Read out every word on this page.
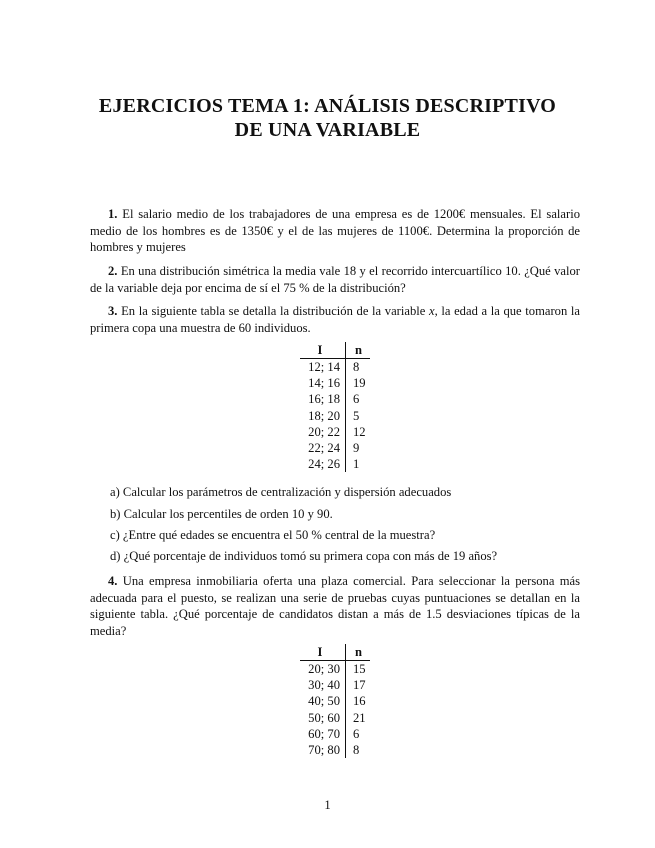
EJERCICIOS TEMA 1: ANÁLISIS DESCRIPTIVO
DE UNA VARIABLE
1. El salario medio de los trabajadores de una empresa es de 1200€ mensuales. El salario medio de los hombres es de 1350€ y el de las mujeres de 1100€. Determina la proporción de hombres y mujeres
2. En una distribución simétrica la media vale 18 y el recorrido intercuartílico 10. ¿Qué valor de la variable deja por encima de sí el 75 % de la distribución?
3. En la siguiente tabla se detalla la distribución de la variable x, la edad a la que tomaron la primera copa una muestra de 60 individuos.
I	n
12; 14	8
14; 16	19
16; 18	6
18; 20	5
20; 22	12
22; 24	9
24; 26	1
a) Calcular los parámetros de centralización y dispersión adecuados
b) Calcular los percentiles de orden 10 y 90.
c) ¿Entre qué edades se encuentra el 50 % central de la muestra?
d) ¿Qué porcentaje de individuos tomó su primera copa con más de 19 años?
4. Una empresa inmobiliaria oferta una plaza comercial. Para seleccionar la persona más adecuada para el puesto, se realizan una serie de pruebas cuyas puntuaciones se detallan en la siguiente tabla. ¿Qué porcentaje de candidatos distan a más de 1.5 desviaciones típicas de la media?
I	n
20; 30	15
30; 40	17
40; 50	16
50; 60	21
60; 70	6
70; 80	8
1
